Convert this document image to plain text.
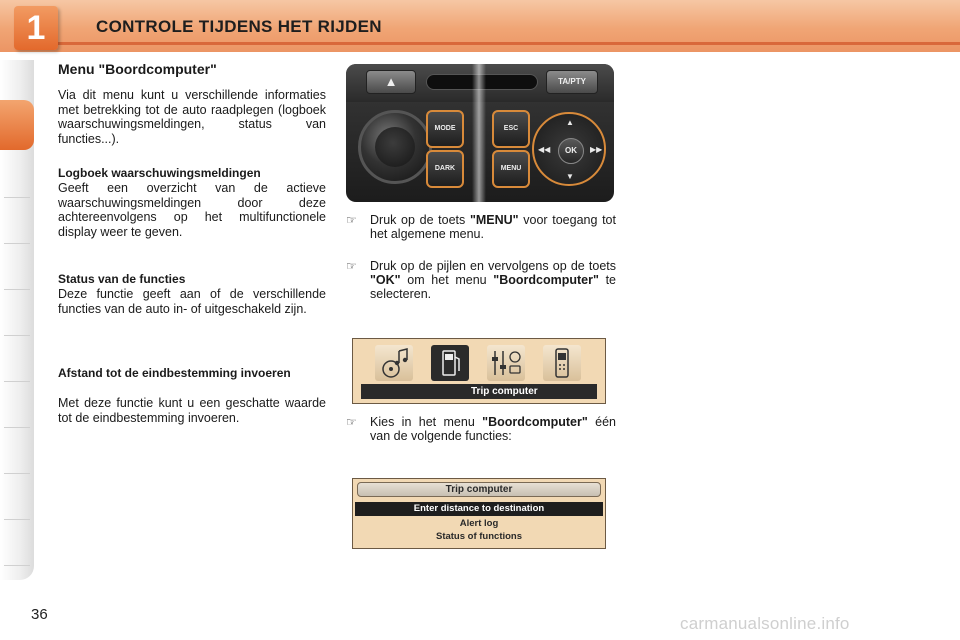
1	CONTROLE TIJDENS HET RIJDEN
Menu "Boordcomputer"
Via dit menu kunt u verschillende informaties met betrekking tot de auto raadplegen (logboek waarschuwingsmeldingen, status van functies...).
Logboek waarschuwingsmeldingen
Geeft een overzicht van de actieve waarschuwingsmeldingen door deze achtereenvolgens op het multifunctionele display weer te geven.
Status van de functies
Deze functie geeft aan of de verschillende functies van de auto in- of uitgeschakeld zijn.
Afstand tot de eindbestemming invoeren
Met deze functie kunt u een geschatte waarde tot de eindbestemming invoeren.
▲	TA/PTY
MODE
DARK
ESC
MENU
▲
▼
◀◀	▶▶
OK
☞ Druk op de toets "MENU" voor toegang tot het algemene menu.
☞ Druk op de pijlen en vervolgens op de toets "OK" om het menu "Boordcomputer" te selecteren.
Trip computer
☞ Kies in het menu "Boordcomputer" één van de volgende functies:
Trip computer
Enter distance to destination
Alert log
Status of functions
36	carmanualsonline.info
